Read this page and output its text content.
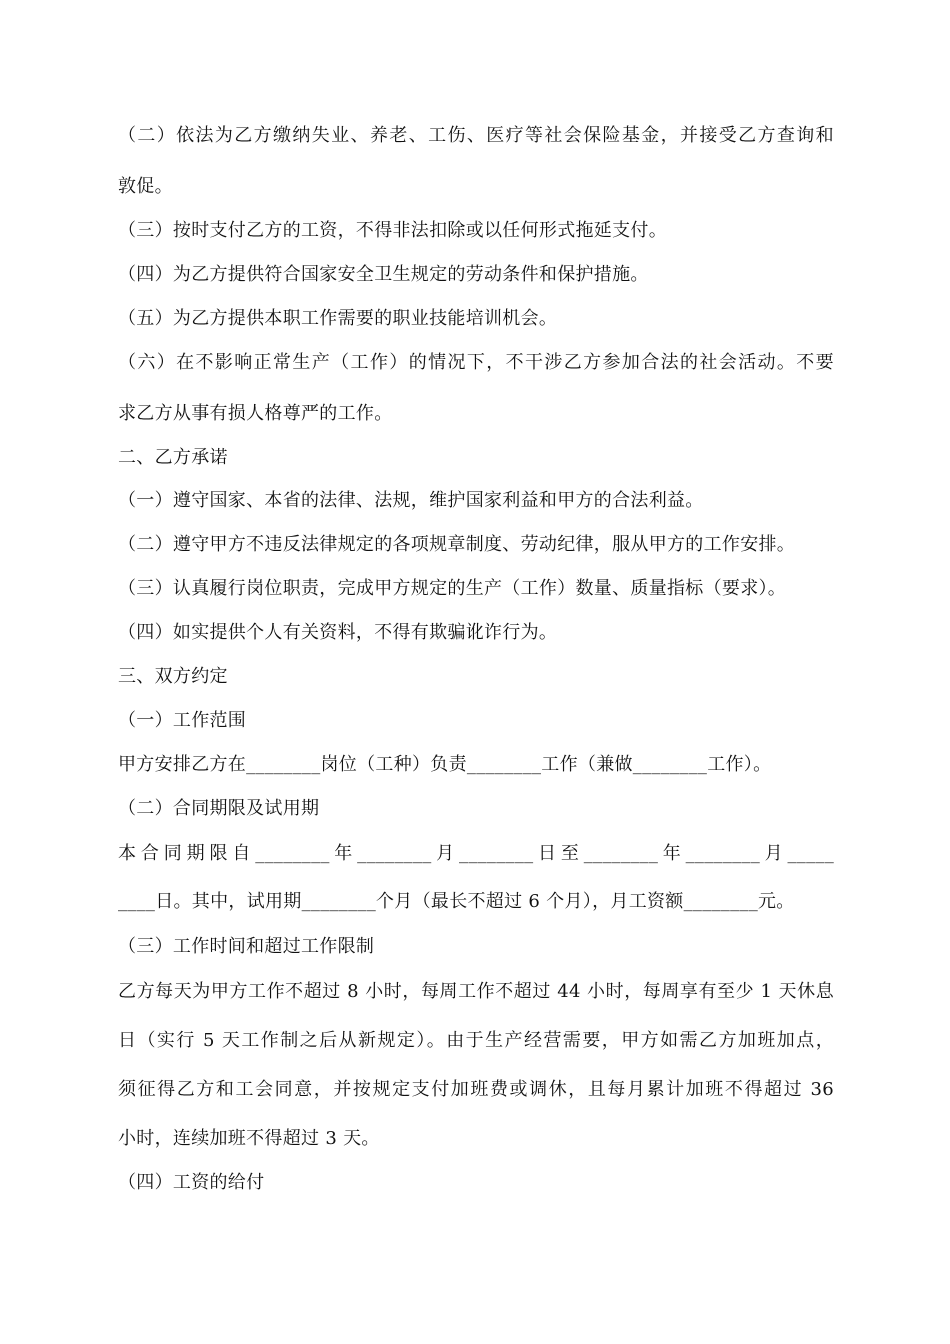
（二）依法为乙方缴纳失业、养老、工伤、医疗等社会保险基金，并接受乙方查询和

敦促。

（三）按时支付乙方的工资，不得非法扣除或以任何形式拖延支付。

（四）为乙方提供符合国家安全卫生规定的劳动条件和保护措施。

（五）为乙方提供本职工作需要的职业技能培训机会。

（六）在不影响正常生产（工作）的情况下，不干涉乙方参加合法的社会活动。不要

求乙方从事有损人格尊严的工作。

二、乙方承诺

（一）遵守国家、本省的法律、法规，维护国家利益和甲方的合法利益。

（二）遵守甲方不违反法律规定的各项规章制度、劳动纪律，服从甲方的工作安排。

（三）认真履行岗位职责，完成甲方规定的生产（工作）数量、质量指标（要求）。

（四）如实提供个人有关资料，不得有欺骗讹诈行为。

三、双方约定

（一）工作范围

甲方安排乙方在________岗位（工种）负责________工作（兼做________工作）。

（二）合同期限及试用期

本合同期限自________年________月________日至________年________月_____

____日。其中，试用期________个月（最长不超过 6 个月），月工资额________元。

（三）工作时间和超过工作限制

乙方每天为甲方工作不超过 8 小时，每周工作不超过 44 小时，每周享有至少 1 天休息

日（实行 5 天工作制之后从新规定）。由于生产经营需要，甲方如需乙方加班加点，

须征得乙方和工会同意，并按规定支付加班费或调休，且每月累计加班不得超过 36

小时，连续加班不得超过 3 天。

（四）工资的给付
